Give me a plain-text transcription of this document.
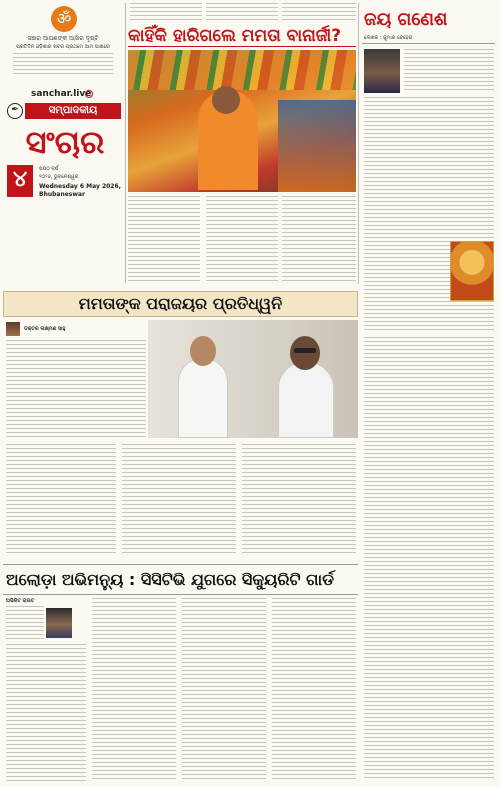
ॐ
ସଞ୍ଚାର ଆପଣଙ୍କ ଆଖିର ଦୃଷ୍ଟି
ପ୍ରତିଦିନ ଓଡ଼ିଶାର ଖବର ପ୍ରଥମେ ଆମ ପାଖରେ
sanchar.live
✒	ସମ୍ପାଦକୀୟ
ସଂଚାର
୪	ଷଷ୍ଠ ବର୍ଷ
୨୦୨୬, ଭୁବନେଶ୍ୱର
Wednesday 6 May 2026,
Bhubaneswar
କାହିଁକି ହାରିଗଲେ ମମତା ବାନାର୍ଜୀ?
ଜୟ ଗଣେଶ
ଲେଖକ : କୁମାର ବେହେରା
ମମତାଙ୍କ ପରାଜୟର ପ୍ରତିଧ୍ୱନି
ଡକ୍ଟର ଲକ୍ଷ୍ମଣ ସାହୁ
ଅଲୋଡ଼ା ଅଭିମନ୍ୟୁ : ସିସିଟିଭି ଯୁଗରେ ସିକ୍ୟୁରିଟି ଗାର୍ଡ
ଅଭିଜିତ ରାଉତ
